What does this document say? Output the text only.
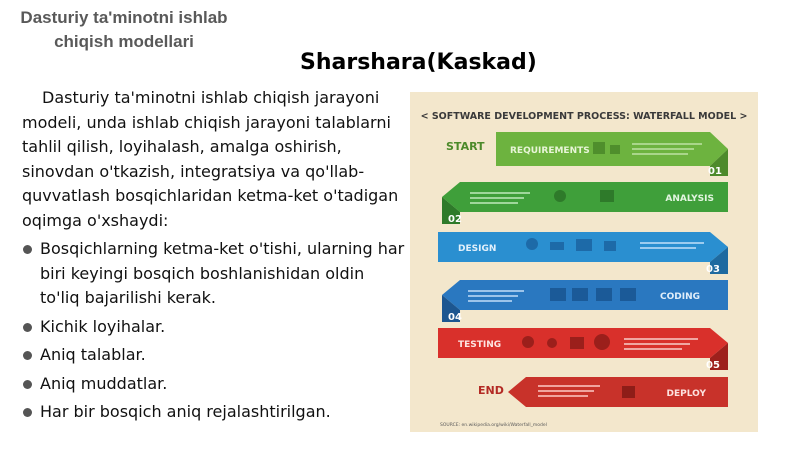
Dasturiy ta'minotni ishlab
chiqish modellari
Sharshara(Kaskad)

Dasturiy ta'minotni ishlab chiqish jarayoni modeli, unda ishlab chiqish jarayoni talablarni tahlil qilish, loyihalash, amalga oshirish, sinovdan o'tkazish, integratsiya va qo'llab-quvvatlash bosqichlaridan ketma-ket o'tadigan oqimga o'xshaydi:

Bosqichlarning ketma-ket o'tishi, ularning har biri keyingi bosqich boshlanishidan oldin to'liq bajarilishi kerak.
Kichik loyihalar.
Aniq talablar.
Aniq muddatlar.
Har bir bosqich aniq rejalashtirilgan.
< SOFTWARE DEVELOPMENT PROCESS: WATERFALL MODEL >
START	REQUIREMENTS
01
ANALYSIS
02
DESIGN
03
CODING
04
TESTING
05
END	DEPLOY
SOURCE: en.wikipedia.org/wiki/Waterfall_model
